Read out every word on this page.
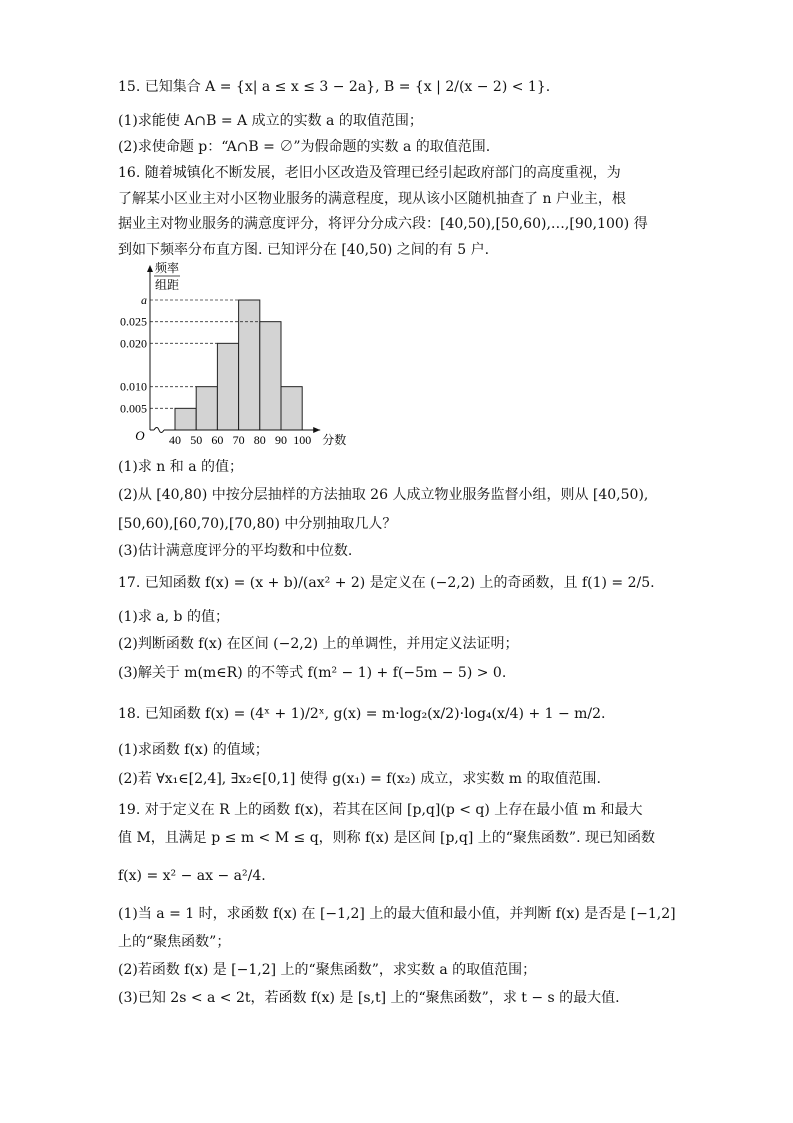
15. 已知集合 A = {x| a ≤ x ≤ 3 − 2a}, B = {x | 2/(x − 2) < 1}.
(1)求能使 A∩B = A 成立的实数 a 的取值范围；
(2)求使命题 p：“A∩B = ∅”为假命题的实数 a 的取值范围.
16. 随着城镇化不断发展，老旧小区改造及管理已经引起政府部门的高度重视，为
了解某小区业主对小区物业服务的满意程度，现从该小区随机抽查了 n 户业主，根
据业主对物业服务的满意度评分，将评分分成六段：[40,50),[50,60),…,[90,100) 得
到如下频率分布直方图. 已知评分在 [40,50) 之间的有 5 户.
0.005
0.010
0.020
0.025
a
40 50 60 70 80 90 100
O	分数
频率
组距
(1)求 n 和 a 的值；
(2)从 [40,80) 中按分层抽样的方法抽取 26 人成立物业服务监督小组，则从 [40,50),
[50,60),[60,70),[70,80) 中分别抽取几人？
(3)估计满意度评分的平均数和中位数.
17. 已知函数 f(x) = (x + b)/(ax² + 2) 是定义在 (−2,2) 上的奇函数，且 f(1) = 2/5.
(1)求 a, b 的值；
(2)判断函数 f(x) 在区间 (−2,2) 上的单调性，并用定义法证明；
(3)解关于 m(m∈R) 的不等式 f(m² − 1) + f(−5m − 5) > 0.
18. 已知函数 f(x) = (4ˣ + 1)/2ˣ, g(x) = m·log₂(x/2)·log₄(x/4) + 1 − m/2.
(1)求函数 f(x) 的值域；
(2)若 ∀x₁∈[2,4], ∃x₂∈[0,1] 使得 g(x₁) = f(x₂) 成立，求实数 m 的取值范围.
19. 对于定义在 R 上的函数 f(x)，若其在区间 [p,q](p < q) 上存在最小值 m 和最大
值 M，且满足 p ≤ m < M ≤ q，则称 f(x) 是区间 [p,q] 上的“聚焦函数”. 现已知函数
f(x) = x² − ax − a²/4.
(1)当 a = 1 时，求函数 f(x) 在 [−1,2] 上的最大值和最小值，并判断 f(x) 是否是 [−1,2]
上的“聚焦函数”；
(2)若函数 f(x) 是 [−1,2] 上的“聚焦函数”，求实数 a 的取值范围；
(3)已知 2s < a < 2t，若函数 f(x) 是 [s,t] 上的“聚焦函数”，求 t − s 的最大值.
